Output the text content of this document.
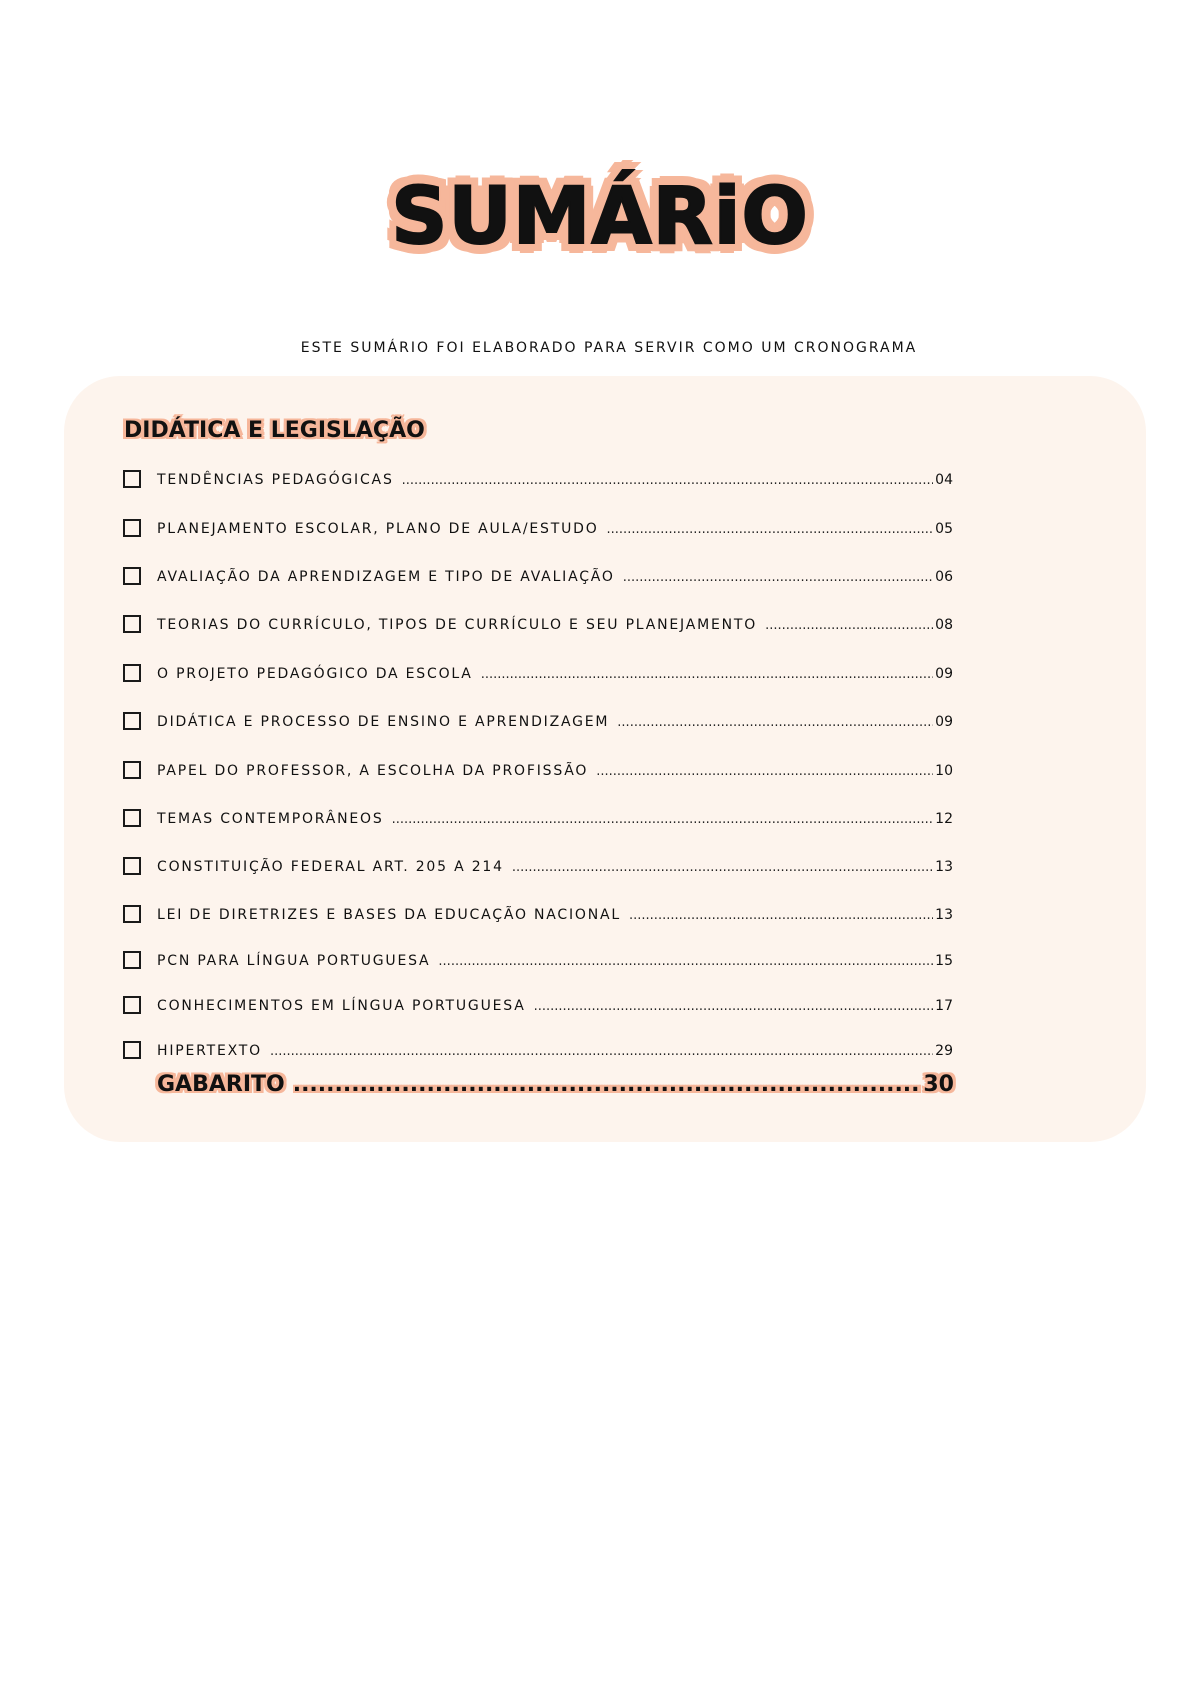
SUMÁRiO
ESTE SUMÁRIO FOI ELABORADO PARA SERVIR COMO UM CRONOGRAMA
DIDÁTICA E LEGISLAÇÃO
TENDÊNCIAS PEDAGÓGICAS .....	04
PLANEJAMENTO ESCOLAR, PLANO DE AULA/ESTUDO .....	05
AVALIAÇÃO DA APRENDIZAGEM E TIPO DE AVALIAÇÃO .....	06
TEORIAS DO CURRÍCULO, TIPOS DE CURRÍCULO E SEU PLANEJAMENTO .....	08
O PROJETO PEDAGÓGICO DA ESCOLA .....	09
DIDÁTICA E PROCESSO DE ENSINO E APRENDIZAGEM .....	09
PAPEL DO PROFESSOR, A ESCOLHA DA PROFISSÃO .....	10
TEMAS CONTEMPORÂNEOS .....	12
CONSTITUIÇÃO FEDERAL ART. 205 A 214 .....	13
LEI DE DIRETRIZES E BASES DA EDUCAÇÃO NACIONAL .....	13
PCN PARA LÍNGUA PORTUGUESA .....	15
CONHECIMENTOS EM LÍNGUA PORTUGUESA .....	17
HIPERTEXTO .....	29
GABARITO .....	30
